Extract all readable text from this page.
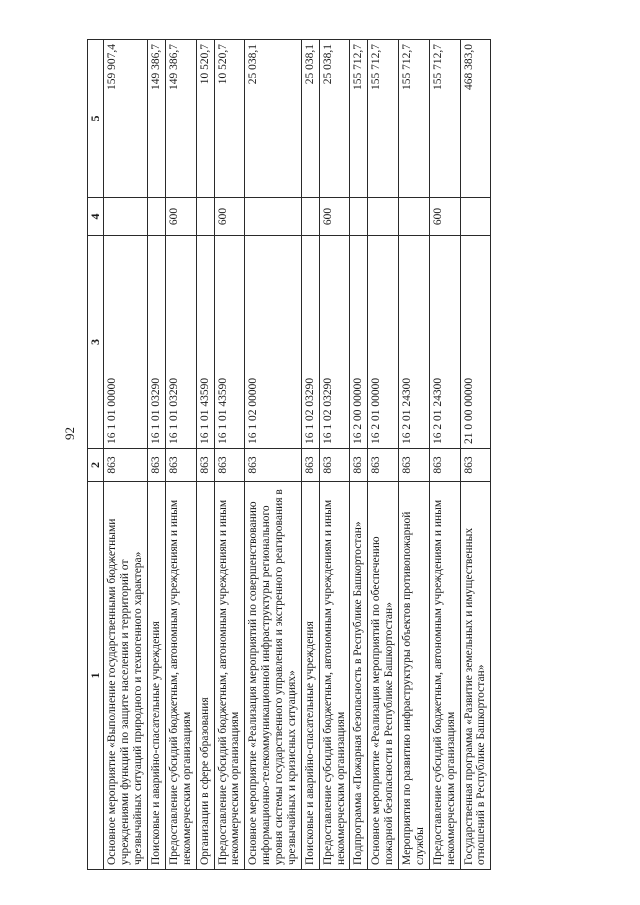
92
1	2	3	4	5
Основное мероприятие «Выполнение государственными бюджетными учреждениями функций по защите населения и территорий от чрезвычайных ситуаций природного и техногенного характера»	863	16 1 01 00000		159 907,4
Поисковые и аварийно-спасательные учреждения	863	16 1 01 03290		149 386,7
Предоставление субсидий бюджетным, автономным учреждениям и иным некоммерческим организациям	863	16 1 01 03290	600	149 386,7
Организации в сфере образования	863	16 1 01 43590		10 520,7
Предоставление субсидий бюджетным, автономным учреждениям и иным некоммерческим организациям	863	16 1 01 43590	600	10 520,7
Основное мероприятие «Реализация мероприятий по совершенствованию информационно-телекоммуникационной инфраструктуры регионального уровня системы государственного управления и экстренного реагирования в чрезвычайных и кризисных ситуациях»	863	16 1 02 00000		25 038,1
Поисковые и аварийно-спасательные учреждения	863	16 1 02 03290		25 038,1
Предоставление субсидий бюджетным, автономным учреждениям и иным некоммерческим организациям	863	16 1 02 03290	600	25 038,1
Подпрограмма «Пожарная безопасность в Республике Башкортостан»	863	16 2 00 00000		155 712,7
Основное мероприятие «Реализация мероприятий по обеспечению пожарной безопасности в Республике Башкортостан»	863	16 2 01 00000		155 712,7
Мероприятия по развитию инфраструктуры объектов противопожарной службы	863	16 2 01 24300		155 712,7
Предоставление субсидий бюджетным, автономным учреждениям и иным некоммерческим организациям	863	16 2 01 24300	600	155 712,7
Государственная программа «Развитие земельных и имущественных отношений в Республике Башкортостан»	863	21 0 00 00000		468 383,0
